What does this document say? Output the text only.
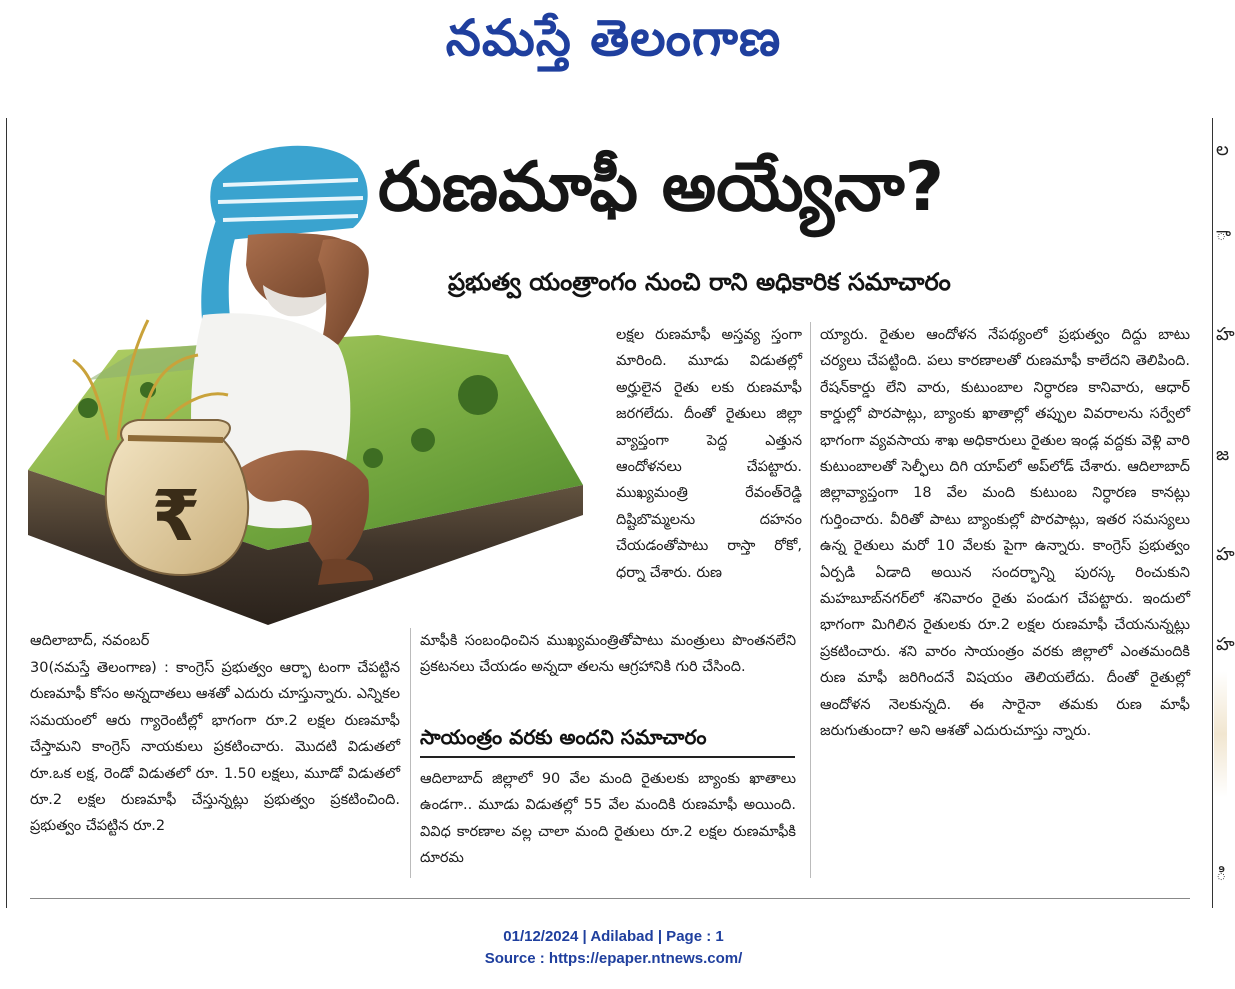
నమస్తే తెలంగాణ
ల
ా
హ
జ
హ
హ
ి
₹
రుణమాఫీ అయ్యేనా?
ప్రభుత్వ యంత్రాంగం నుంచి రాని అధికారిక సమాచారం

లక్షల రుణమాఫీ అస్తవ్య స్తంగా మారింది. మూడు విడుతల్లో అర్హులైన రైతు లకు రుణమాఫీ జరగలేదు. దీంతో రైతులు జిల్లా వ్యాప్తంగా పెద్ద ఎత్తున ఆందోళనలు చేపట్టారు. ముఖ్యమంత్రి రేవంత్‌రెడ్డి దిష్టిబొమ్మలను దహనం చేయడంతోపాటు రాస్తా రోకో, ధర్నా చేశారు. రుణ

మాఫీకి సంబంధించిన ముఖ్యమంత్రితోపాటు మంత్రులు పొంతనలేని ప్రకటనలు చేయడం అన్నదా తలను ఆగ్రహానికి గురి చేసింది.

ఆదిలాబాద్, నవంబర్

30(నమస్తే తెలంగాణ) : కాంగ్రెస్ ప్రభుత్వం ఆర్భా టంగా చేపట్టిన రుణమాఫీ కోసం అన్నదాతలు ఆశతో ఎదురు చూస్తున్నారు. ఎన్నికల సమయంలో ఆరు గ్యారెంటీల్లో భాగంగా రూ.2 లక్షల రుణమాఫీ చేస్తామని కాంగ్రెస్ నాయకులు ప్రకటించారు. మొదటి విడుతలో రూ.ఒక లక్ష, రెండో విడుతలో రూ. 1.50 లక్షలు, మూడో విడుతలో రూ.2 లక్షల రుణమాఫీ చేస్తున్నట్లు ప్రభుత్వం ప్రకటించింది. ప్రభుత్వం చేపట్టిన రూ.2

సాయంత్రం వరకు అందని సమాచారం

ఆదిలాబాద్ జిల్లాలో 90 వేల మంది రైతులకు బ్యాంకు ఖాతాలు ఉండగా.. మూడు విడుతల్లో 55 వేల మందికి రుణమాఫీ అయింది. వివిధ కారణాల వల్ల చాలా మంది రైతులు రూ.2 లక్షల రుణమాఫీకి దూరమ

య్యారు. రైతుల ఆందోళన నేపథ్యంలో ప్రభుత్వం దిద్దు బాటు చర్యలు చేపట్టింది. పలు కారణాలతో రుణమాఫీ కాలేదని తెలిపింది. రేషన్‌కార్డు లేని వారు, కుటుంబాల నిర్ధారణ కానివారు, ఆధార్ కార్డుల్లో పొరపాట్లు, బ్యాంకు ఖాతాల్లో తప్పుల వివరాలను సర్వేలో భాగంగా వ్యవసాయ శాఖ అధికారులు రైతుల ఇండ్ల వద్దకు వెళ్లి వారి కుటుంబాలతో సెల్ఫీలు దిగి యాప్‌లో అప్‌లోడ్ చేశారు. ఆదిలాబాద్ జిల్లావ్యాప్తంగా 18 వేల మంది కుటుంబ నిర్ధారణ కానట్లు గుర్తించారు. వీరితో పాటు బ్యాంకుల్లో పొరపాట్లు, ఇతర సమస్యలు ఉన్న రైతులు మరో 10 వేలకు పైగా ఉన్నారు. కాంగ్రెస్ ప్రభుత్వం ఏర్పడి ఏడాది అయిన సందర్భాన్ని పురస్క రించుకుని మహబూబ్‌నగర్‌లో శనివారం రైతు పండుగ చేపట్టారు. ఇందులో భాగంగా మిగిలిన రైతులకు రూ.2 లక్షల రుణమాఫీ చేయనున్నట్లు ప్రకటించారు. శని వారం సాయంత్రం వరకు జిల్లాలో ఎంతమందికి రుణ మాఫీ జరిగిందనే విషయం తెలియలేదు. దీంతో రైతుల్లో ఆందోళన నెలకున్నది. ఈ సారైనా తమకు రుణ మాఫీ జరుగుతుందా? అని ఆశతో ఎదురుచూస్తు న్నారు.

01/12/2024 | Adilabad | Page : 1
Source : https://epaper.ntnews.com/
